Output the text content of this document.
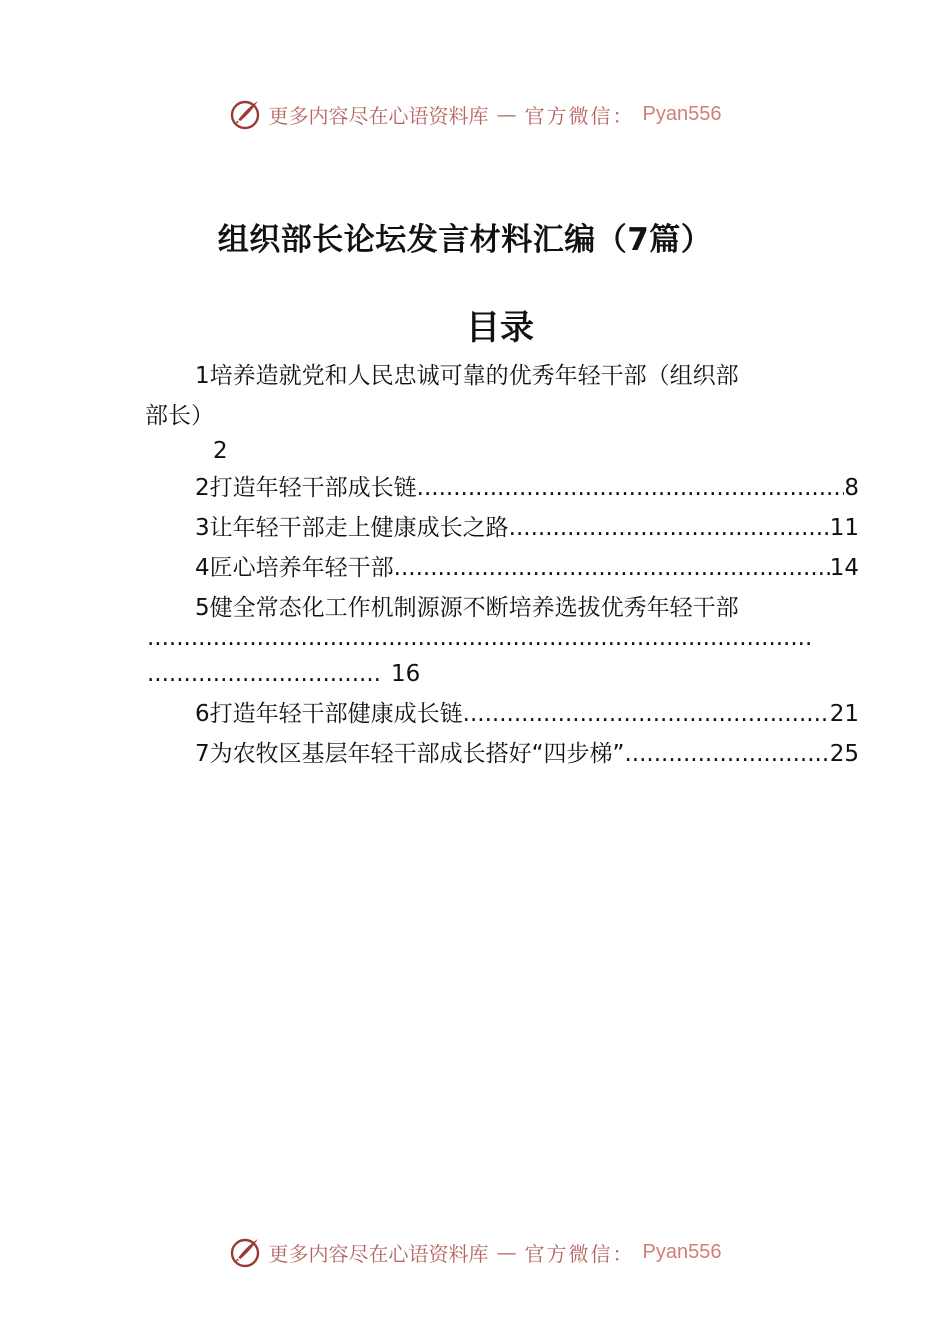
更多内容尽在心语资料库 — 官方微信： Pyan556
组织部长论坛发言材料汇编（7篇）
目录
1培养造就党和人民忠诚可靠的优秀年轻干部（组织部
部长）
2
2打造年轻干部成长链 .....	8
3让年轻干部走上健康成长之路 .....	11
4匠心培养年轻干部 .....	14
5健全常态化工作机制源源不断培养选拔优秀年轻干部
.....
.....
16
6打造年轻干部健康成长链 .....	21
7为农牧区基层年轻干部成长搭好“四步梯” .....	25
更多内容尽在心语资料库 — 官方微信： Pyan556
